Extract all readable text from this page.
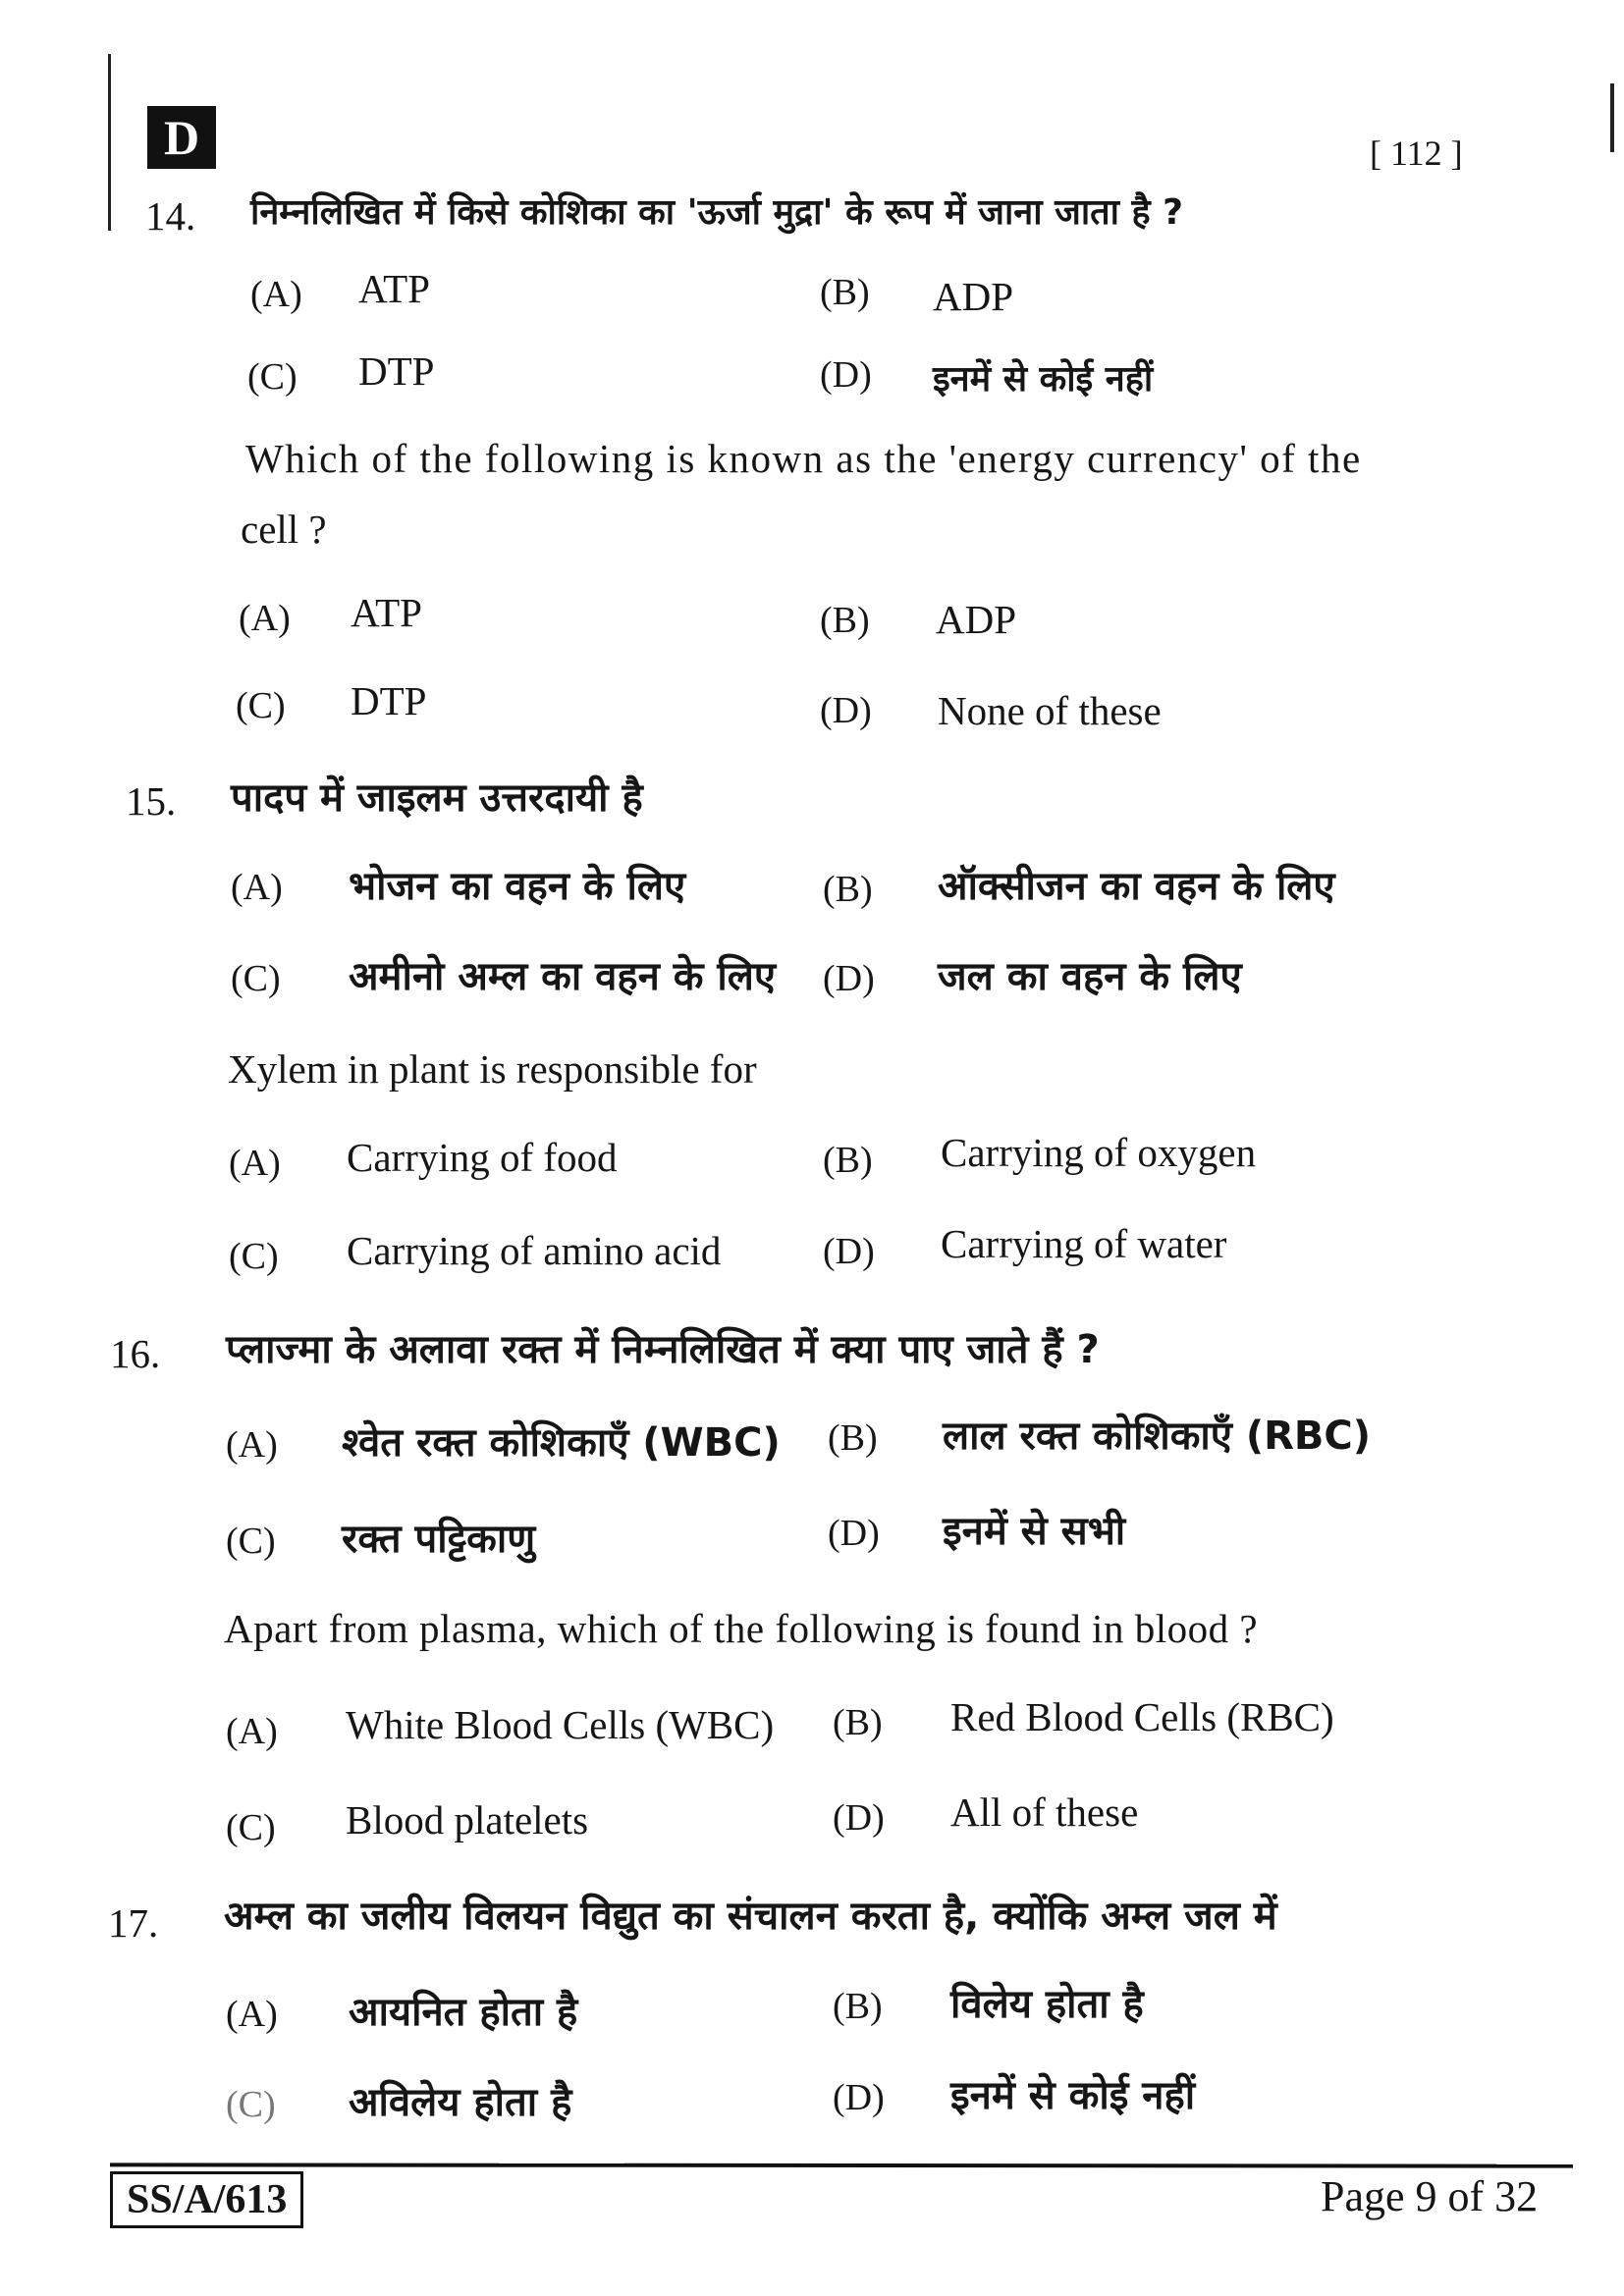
D	[ 112 ]
14. निम्नलिखित में किसे कोशिका का 'ऊर्जा मुद्रा' के रूप में जाना जाता है ?
(A) ATP	(B) ADP
(C) DTP	(D) इनमें से कोई नहीं
Which of the following is known as the 'energy currency' of the
cell ?
(A) ATP	(B) ADP
(C) DTP	(D) None of these
15. पादप में जाइलम उत्तरदायी है
(A) भोजन का वहन के लिए	(B) ऑक्सीजन का वहन के लिए
(C) अमीनो अम्ल का वहन के लिए (D) जल का वहन के लिए
Xylem in plant is responsible for
(A) Carrying of food	(B) Carrying of oxygen
(C) Carrying of amino acid	(D) Carrying of water
16. प्लाज्मा के अलावा रक्त में निम्नलिखित में क्या पाए जाते हैं ?
(A) श्वेत रक्त कोशिकाएँ (WBC) (B) लाल रक्त कोशिकाएँ (RBC)
(C) रक्त पट्टिकाणु	(D) इनमें से सभी
Apart from plasma, which of the following is found in blood ?
(A) White Blood Cells (WBC) (B) Red Blood Cells (RBC)
(C) Blood platelets	(D) All of these
17. अम्ल का जलीय विलयन विद्युत का संचालन करता है, क्योंकि अम्ल जल में
(A) आयनित होता है	(B) विलेय होता है
(C) अविलेय होता है	(D) इनमें से कोई नहीं
SS/A/613	Page 9 of 32
